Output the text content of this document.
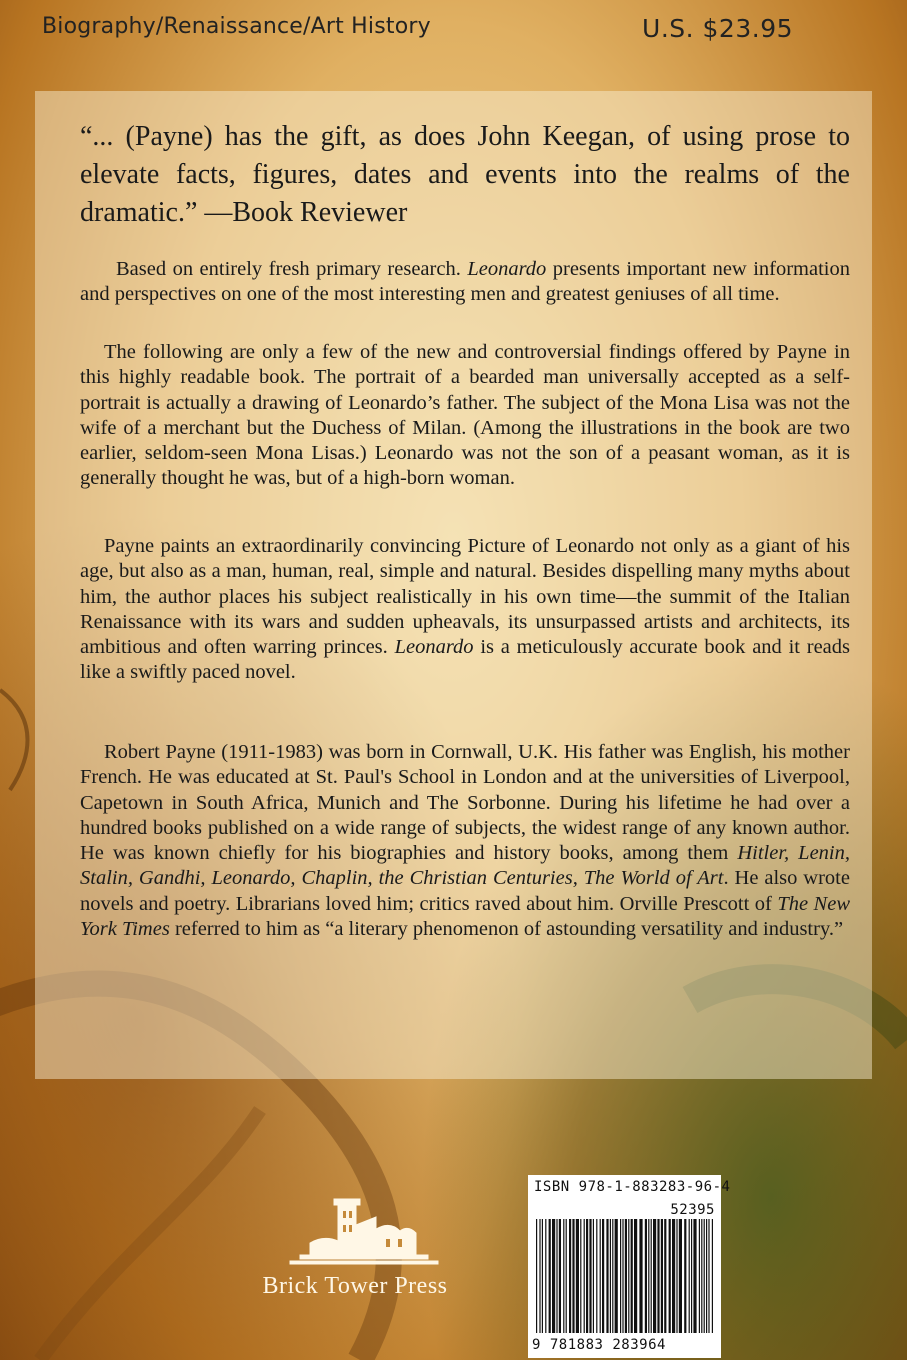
Biography/Renaissance/Art History	U.S. $23.95
“... (Payne) has the gift, as does John Keegan, of using prose to elevate facts, figures, dates and events into the realms of the dramatic.” —Book Reviewer

Based on entirely fresh primary research. Leonardo presents important new information and perspectives on one of the most interesting men and greatest geniuses of all time.

The following are only a few of the new and controversial findings offered by Payne in this highly readable book. The portrait of a bearded man universally accepted as a self-portrait is actually a drawing of Leonardo’s father. The subject of the Mona Lisa was not the wife of a merchant but the Duchess of Milan. (Among the illustrations in the book are two earlier, seldom-seen Mona Lisas.) Leonardo was not the son of a peasant woman, as it is generally thought he was, but of a high-born woman.

Payne paints an extraordinarily convincing Picture of Leonardo not only as a giant of his age, but also as a man, human, real, simple and natural. Besides dispelling many myths about him, the author places his subject realistically in his own time—the summit of the Italian Renaissance with its wars and sudden upheavals, its unsurpassed artists and architects, its ambitious and often warring princes. Leonardo is a meticulously accurate book and it reads like a swiftly paced novel.

Robert Payne (1911-1983) was born in Cornwall, U.K. His father was English, his mother French. He was educated at St. Paul's School in London and at the universities of Liverpool, Capetown in South Africa, Munich and The Sorbonne. During his lifetime he had over a hundred books published on a wide range of subjects, the widest range of any known author. He was known chiefly for his biographies and history books, among them Hitler, Lenin, Stalin, Gandhi, Leonardo, Chaplin, the Christian Centuries, The World of Art. He also wrote novels and poetry. Librarians loved him; critics raved about him. Orville Prescott of The New York Times referred to him as “a literary phenomenon of astounding versatility and industry.”

Brick Tower Press
ISBN 978-1-883283-96-4
52395
9 781883 283964
